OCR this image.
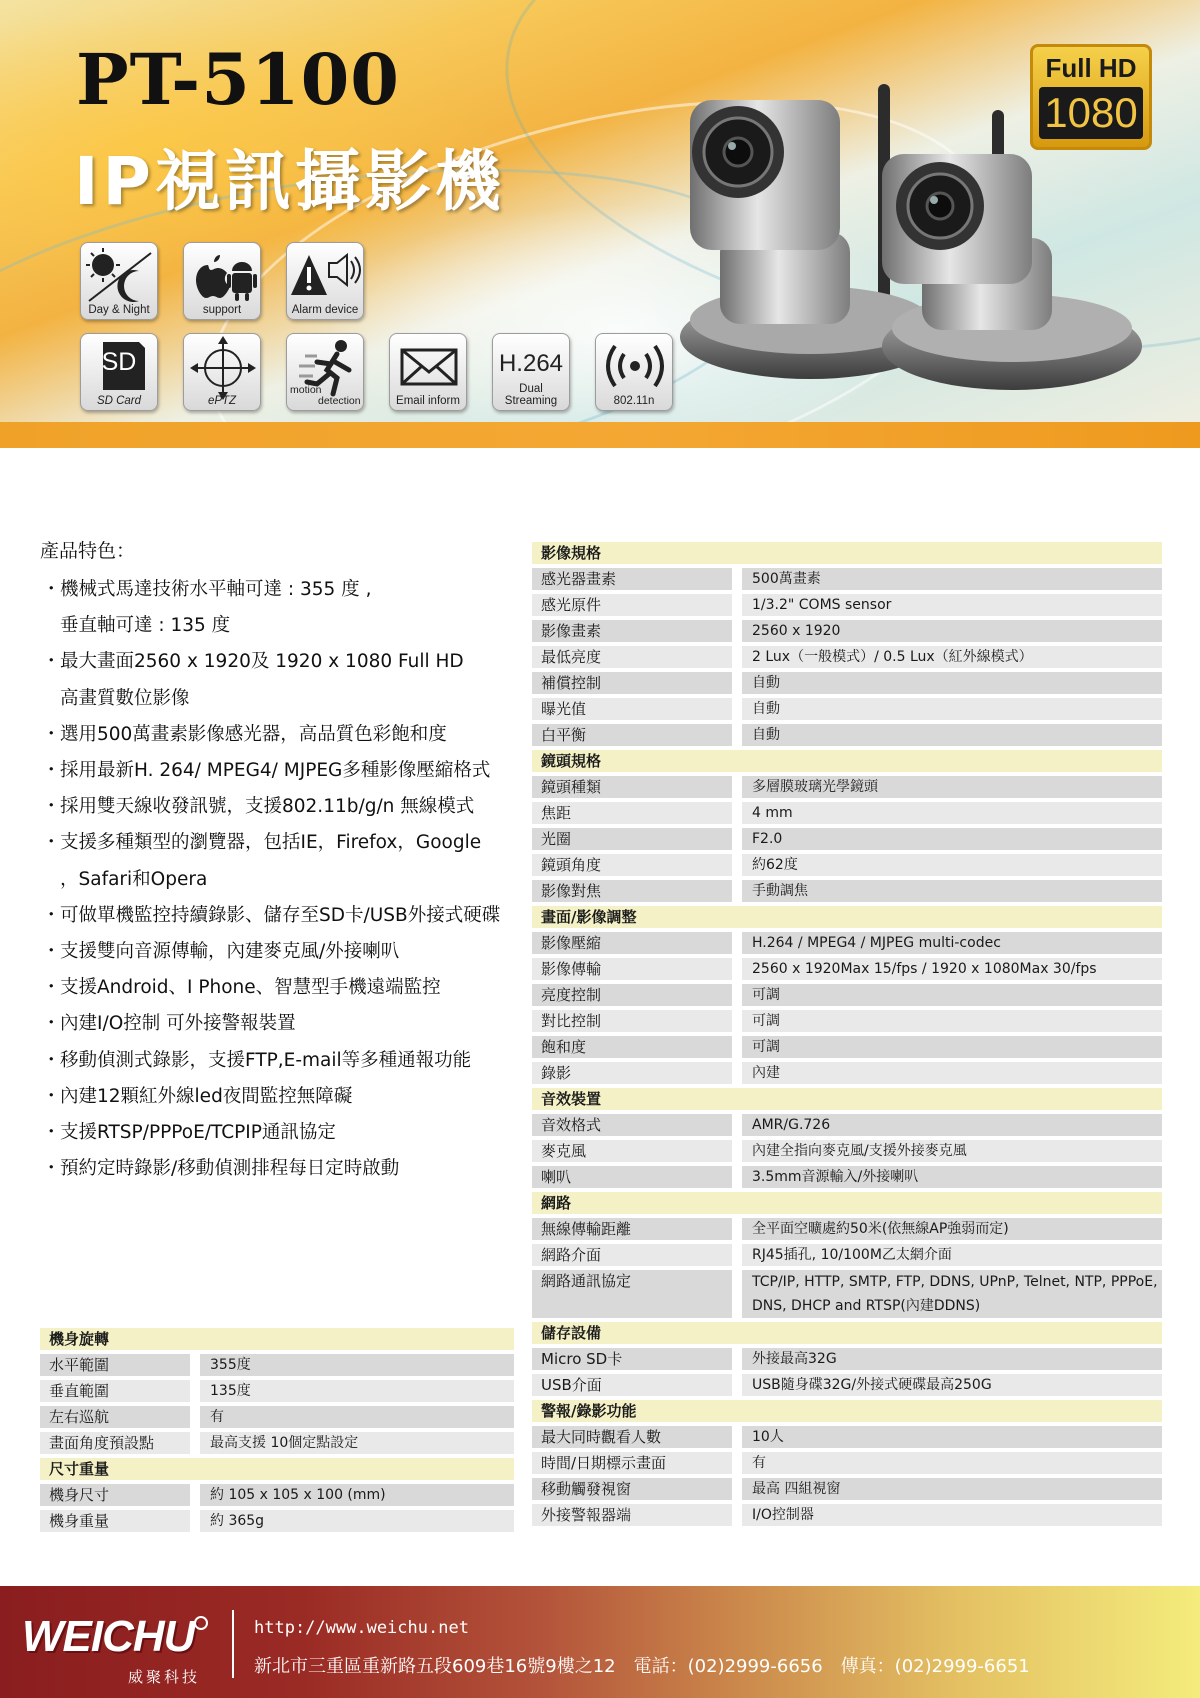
PT-5100
IP視訊攝影機
Full HD
1080
Day & Night	support	Alarm device
SD
SD Card	ePTZ
motion
detection	Email inform
H.264
Dual
Streaming	802.11n
產品特色：
・機械式馬達技術水平軸可達 : 355 度 ,
垂直軸可達 : 135 度
・最大畫面2560 x 1920及 1920 x 1080 Full HD
高畫質數位影像
・選用500萬畫素影像感光器，高品質色彩飽和度
・採用最新H. 264/ MPEG4/ MJPEG多種影像壓縮格式
・採用雙天線收發訊號，支援802.11b/g/n 無線模式
・支援多種類型的瀏覽器，包括IE，Firefox，Google
，Safari和Opera
・可做單機監控持續錄影、儲存至SD卡/USB外接式硬碟
・支援雙向音源傳輸，內建麥克風/外接喇叭
・支援Android、I Phone、智慧型手機遠端監控
・內建I/O控制 可外接警報裝置
・移動偵測式錄影，支援FTP,E-mail等多種通報功能
・內建12顆紅外線led夜間監控無障礙
・支援RTSP/PPPoE/TCPIP通訊協定
・預約定時錄影/移動偵測排程每日定時啟動
影像規格
感光器畫素	500萬畫素
感光原件	1/3.2" COMS sensor
影像畫素	2560 x 1920
最低亮度	2 Lux（一般模式）/ 0.5 Lux（紅外線模式）
補償控制	自動
曝光值	自動
白平衡	自動
鏡頭規格
鏡頭種類	多層膜玻璃光學鏡頭
焦距	4 mm
光圈	F2.0
鏡頭角度	約62度
影像對焦	手動調焦
畫面/影像調整
影像壓縮	H.264 / MPEG4 / MJPEG multi-codec
影像傳輸	2560 x 1920Max 15/fps / 1920 x 1080Max 30/fps
亮度控制	可調
對比控制	可調
飽和度	可調
錄影	內建
音效裝置
音效格式	AMR/G.726
麥克風	內建全指向麥克風/支援外接麥克風
喇叭	3.5mm音源輸入/外接喇叭
網路
無線傳輸距離	全平面空曠處約50米(依無線AP強弱而定)
網路介面	RJ45插孔, 10/100M乙太網介面
網路通訊協定	TCP/IP, HTTP, SMTP, FTP, DDNS, UPnP, Telnet, NTP, PPPoE, DNS, DHCP and RTSP(內建DDNS)
儲存設備
Micro SD卡	外接最高32G
USB介面	USB隨身碟32G/外接式硬碟最高250G
警報/錄影功能
最大同時觀看人數	10人
時間/日期標示畫面	有
移動觸發視窗	最高 四組視窗
外接警報器端	I/O控制器
機身旋轉
水平範圍	355度
垂直範圍	135度
左右巡航	有
畫面角度預設點	最高支援 10個定點設定
尺寸重量
機身尺寸	約 105 x 105 x 100 (mm)
機身重量	約 365g
WEICHU
威聚科技
http://www.weichu.net
新北市三重區重新路五段609巷16號9樓之12　電話：(02)2999-6656　傳真：(02)2999-6651
